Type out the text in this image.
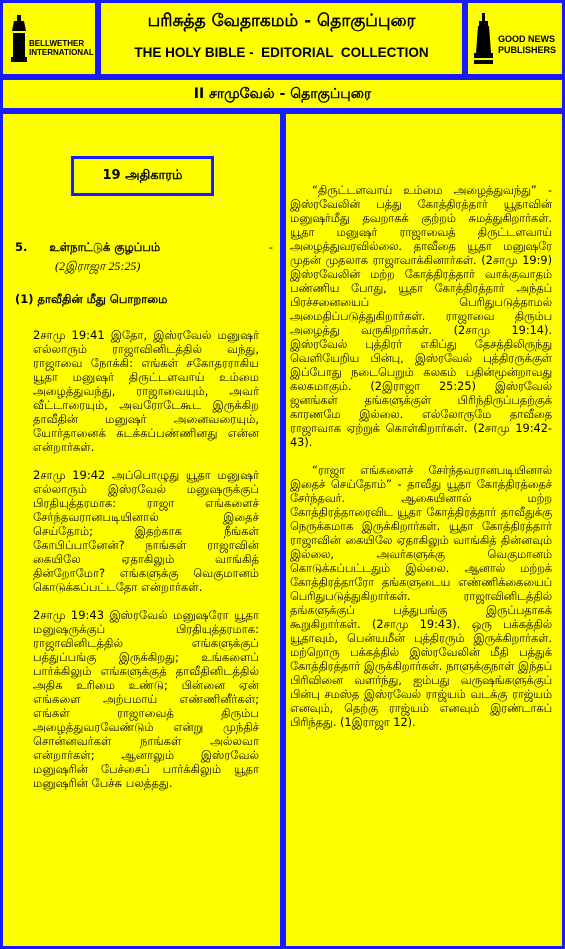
BELLWETHER
INTERNATIONAL
பரிசுத்த வேதாகமம் - தொகுப்புரை
THE HOLY BIBLE -  EDITORIAL  COLLECTION
GOOD NEWS
PUBLISHERS
II சாமுவேல் - தொகுப்புரை
19 அதிகாரம்
5. உள்நாட்டுக் குழப்பம்	-
(2இராஜா 25:25)
(1) தாவீதின் மீது பொறாமை

2சாமு 19:41 இதோ, இஸ்ரவேல் மனுஷர் எல்லாரும் ராஜாவினிடத்தில் வந்து, ராஜாவை நோக்கி: எங்கள் சகோதரராகிய யூதா மனுஷர் திருட்டளவாய் உம்மை அழைத்துவந்து, ராஜாவையும், அவர் வீட்டாரையும், அவரோடேகூட இருக்கிற தாவீதின் மனுஷர் அனைவரையும், யோர்தானைக் கடக்கப்பண்ணினது என்ன என்றார்கள்.

2சாமு 19:42 அப்பொழுது யூதா மனுஷர் எல்லாரும் இஸ்ரவேல் மனுஷருக்குப் பிரதியுத்தரமாக: ராஜா எங்களைச் சேர்ந்தவரானபடியினால் இதைச் செய்தோம்; இதற்காக நீங்கள் கோபிப்பானேன்? நாங்கள் ராஜாவின் கையிலே ஏதாகிலும் வாங்கித் தின்றோமோ? எங்களுக்கு வெகுமானம் கொடுக்கப்பட்டதோ என்றார்கள்.

2சாமு 19:43 இஸ்ரவேல் மனுஷரோ யூதா மனுஷருக்குப் பிரதியுத்தரமாக: ராஜாவினிடத்தில் எங்களுக்குப் பத்துப்பங்கு இருக்கிறது; உங்களைப் பார்க்கிலும் எங்களுக்குத் தாவீதினிடத்தில் அதிக உரிமை உண்டு; பின்னை ஏன் எங்களை அற்பமாய் எண்ணினீர்கள்; எங்கள் ராஜாவைத் திரும்ப அழைத்துவரவேண்டும் என்று முந்திச் சொன்னவர்கள் நாங்கள் அல்லவா என்றார்கள்; ஆனாலும் இஸ்ரவேல் மனுஷரின் பேச்சைப் பார்க்கிலும் யூதா மனுஷரின் பேச்சு பலத்தது.

“திருட்டளவாய் உம்மை அழைத்துவந்து” - இஸ்ரவேலின் பத்து கோத்திரத்தார் யூதாவின் மனுஷர்மீது தவறாகக் குற்றம் சுமத்துகிறார்கள். யூதா மனுஷர் ராஜாவைத் திருட்டளவாய் அழைத்துவரவில்லை. தாவீதை யூதா மனுஷரே முதன் முதலாக ராஜாவாக்கினார்கள். (2சாமு 19:9) இஸ்ரவேலின் மற்ற கோத்திரத்தார் வாக்குவாதம் பண்ணிய போது, யூதா கோத்திரத்தார் அந்தப் பிரச்சனையைப் பெரிதுபடுத்தாமல் அமைதிப்படுத்துகிறார்கள். ராஜாவை திரும்ப அழைத்து வருகிறார்கள். (2சாமு 19:14). இஸ்ரவேல் புத்திரர் எகிப்து தேசத்திலிருந்து வெளியேறிய பின்பு, இஸ்ரவேல் புத்திரருக்குள் இப்போது நடைபெறும் கலகம் பதின்மூன்றாவது கலகமாகும். (2இராஜா 25:25) இஸ்ரவேல் ஜனங்கள் தங்களுக்குள் பிரிந்திருப்பதற்குக் காரணமே இல்லை. எல்லோருமே தாவீதை ராஜாவாக ஏற்றுக் கொள்கிறார்கள். (2சாமு 19:42-43).

“ராஜா எங்களைச் சேர்ந்தவரானபடியினால் இதைச் செய்தோம்” - தாவீது யூதா கோத்திரத்தைச் சேர்ந்தவர். ஆகையினால் மற்ற கோத்திரத்தாரைவிட யூதா கோத்திரத்தார் தாவீதுக்கு நெருக்கமாக இருக்கிறார்கள். யூதா கோத்திரத்தார் ராஜாவின் கையிலே ஏதாகிலும் வாங்கித் தின்னவும் இல்லை, அவர்களுக்கு வெகுமானம் கொடுக்கப்பட்டதும் இல்லை. ஆனால் மற்றக் கோத்திரத்தாரோ தங்களுடைய எண்ணிக்கையைப் பெரிதுபடுத்துகிறார்கள். ராஜாவினிடத்தில் தங்களுக்குப் பத்துபங்கு இருப்பதாகக் கூறுகிறார்கள். (2சாமு 19:43). ஒரு பக்கத்தில் யூதாவும், பென்யமீன் புத்திரரும் இருக்கிறார்கள். மற்றொரு பக்கத்தில் இஸ்ரவேலின் மீதி பத்துக் கோத்திரத்தார் இருக்கிறார்கள். நாளுக்குநாள் இந்தப் பிரிவினை வளர்ந்து, ஐம்பது வருஷங்களுக்குப் பின்பு சமஸ்த இஸ்ரவேல் ராஜ்யம் வடக்கு ராஜ்யம் எனவும், தெற்கு ராஜ்யம் எனவும் இரண்டாகப் பிரிந்தது. (1இராஜா 12).
